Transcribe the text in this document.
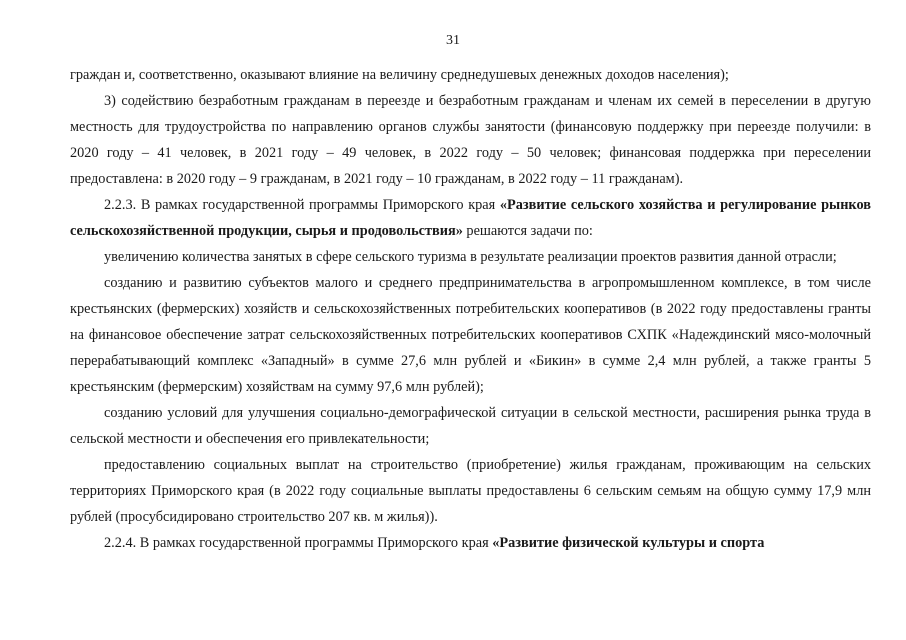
31

граждан и, соответственно, оказывают влияние на величину среднедушевых денежных доходов населения);

3) содействию безработным гражданам в переезде и безработным гражданам и членам их семей в переселении в другую местность для трудоустройства по направлению органов службы занятости (финансовую поддержку при переезде получили: в 2020 году – 41 человек, в 2021 году – 49 человек, в 2022 году – 50 человек; финансовая поддержка при переселении предоставлена: в 2020 году – 9 гражданам, в 2021 году – 10 гражданам, в 2022 году – 11 гражданам).

2.2.3. В рамках государственной программы Приморского края «Развитие сельского хозяйства и регулирование рынков сельскохозяйственной продукции, сырья и продовольствия» решаются задачи по:

увеличению количества занятых в сфере сельского туризма в результате реализации проектов развития данной отрасли;

созданию и развитию субъектов малого и среднего предпринимательства в агропромышленном комплексе, в том числе крестьянских (фермерских) хозяйств и сельскохозяйственных потребительских кооперативов (в 2022 году предоставлены гранты на финансовое обеспечение затрат сельскохозяйственных потребительских кооперативов СХПК «Надеждинский мясо-молочный перерабатывающий комплекс «Западный» в сумме 27,6 млн рублей и «Бикин» в сумме 2,4 млн рублей, а также гранты 5 крестьянским (фермерским) хозяйствам на сумму 97,6 млн рублей);

созданию условий для улучшения социально-демографической ситуации в сельской местности, расширения рынка труда в сельской местности и обеспечения его привлекательности;

предоставлению социальных выплат на строительство (приобретение) жилья гражданам, проживающим на сельских территориях Приморского края (в 2022 году социальные выплаты предоставлены 6 сельским семьям на общую сумму 17,9 млн рублей (просубсидировано строительство 207 кв. м жилья)).

2.2.4. В рамках государственной программы Приморского края «Развитие физической культуры и спорта
